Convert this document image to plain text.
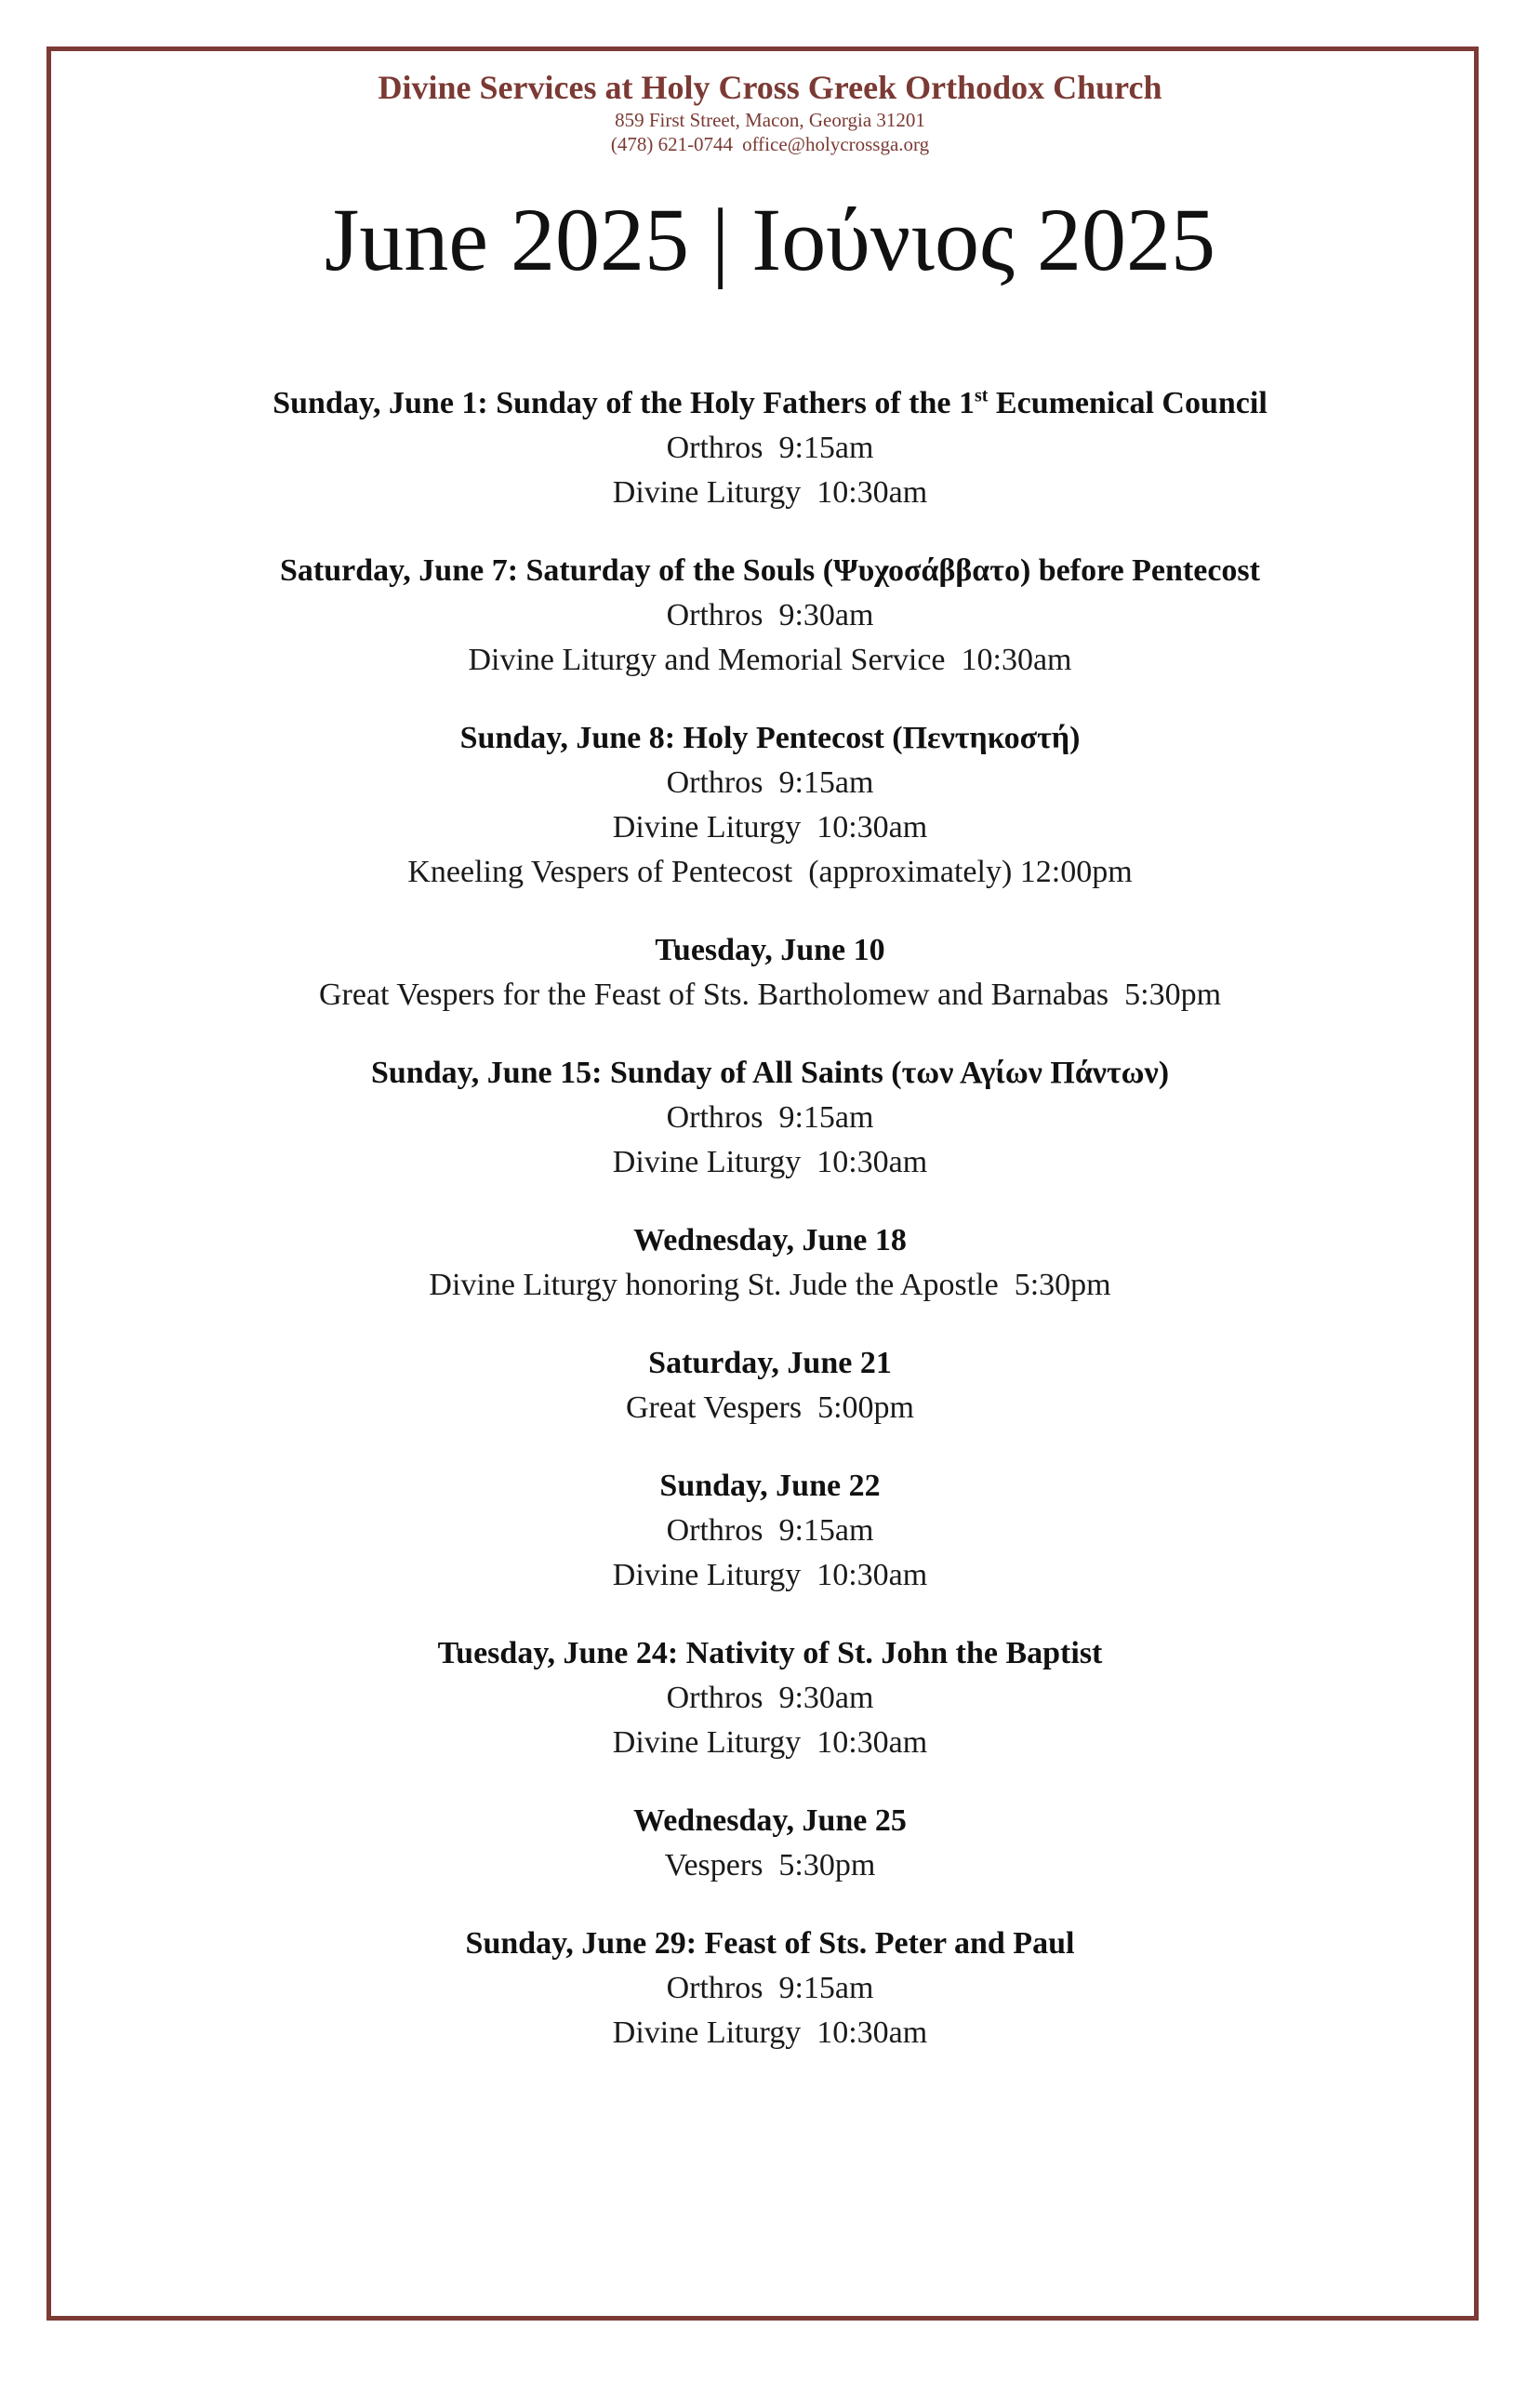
Divine Services at Holy Cross Greek Orthodox Church
859 First Street, Macon, Georgia 31201
(478) 621-0744 office@holycrossga.org
June 2025 | Ιούνιος 2025
Sunday, June 1: Sunday of the Holy Fathers of the 1st Ecumenical Council
Orthros  9:15am
Divine Liturgy  10:30am
Saturday, June 7: Saturday of the Souls (Ψυχοσάββατο) before Pentecost
Orthros  9:30am
Divine Liturgy and Memorial Service  10:30am
Sunday, June 8: Holy Pentecost (Πεντηκοστή)
Orthros  9:15am
Divine Liturgy  10:30am
Kneeling Vespers of Pentecost  (approximately) 12:00pm
Tuesday, June 10
Great Vespers for the Feast of Sts. Bartholomew and Barnabas  5:30pm
Sunday, June 15: Sunday of All Saints (των Αγίων Πάντων)
Orthros  9:15am
Divine Liturgy  10:30am
Wednesday, June 18
Divine Liturgy honoring St. Jude the Apostle  5:30pm
Saturday, June 21
Great Vespers  5:00pm
Sunday, June 22
Orthros  9:15am
Divine Liturgy  10:30am
Tuesday, June 24: Nativity of St. John the Baptist
Orthros  9:30am
Divine Liturgy  10:30am
Wednesday, June 25
Vespers  5:30pm
Sunday, June 29: Feast of Sts. Peter and Paul
Orthros  9:15am
Divine Liturgy  10:30am
